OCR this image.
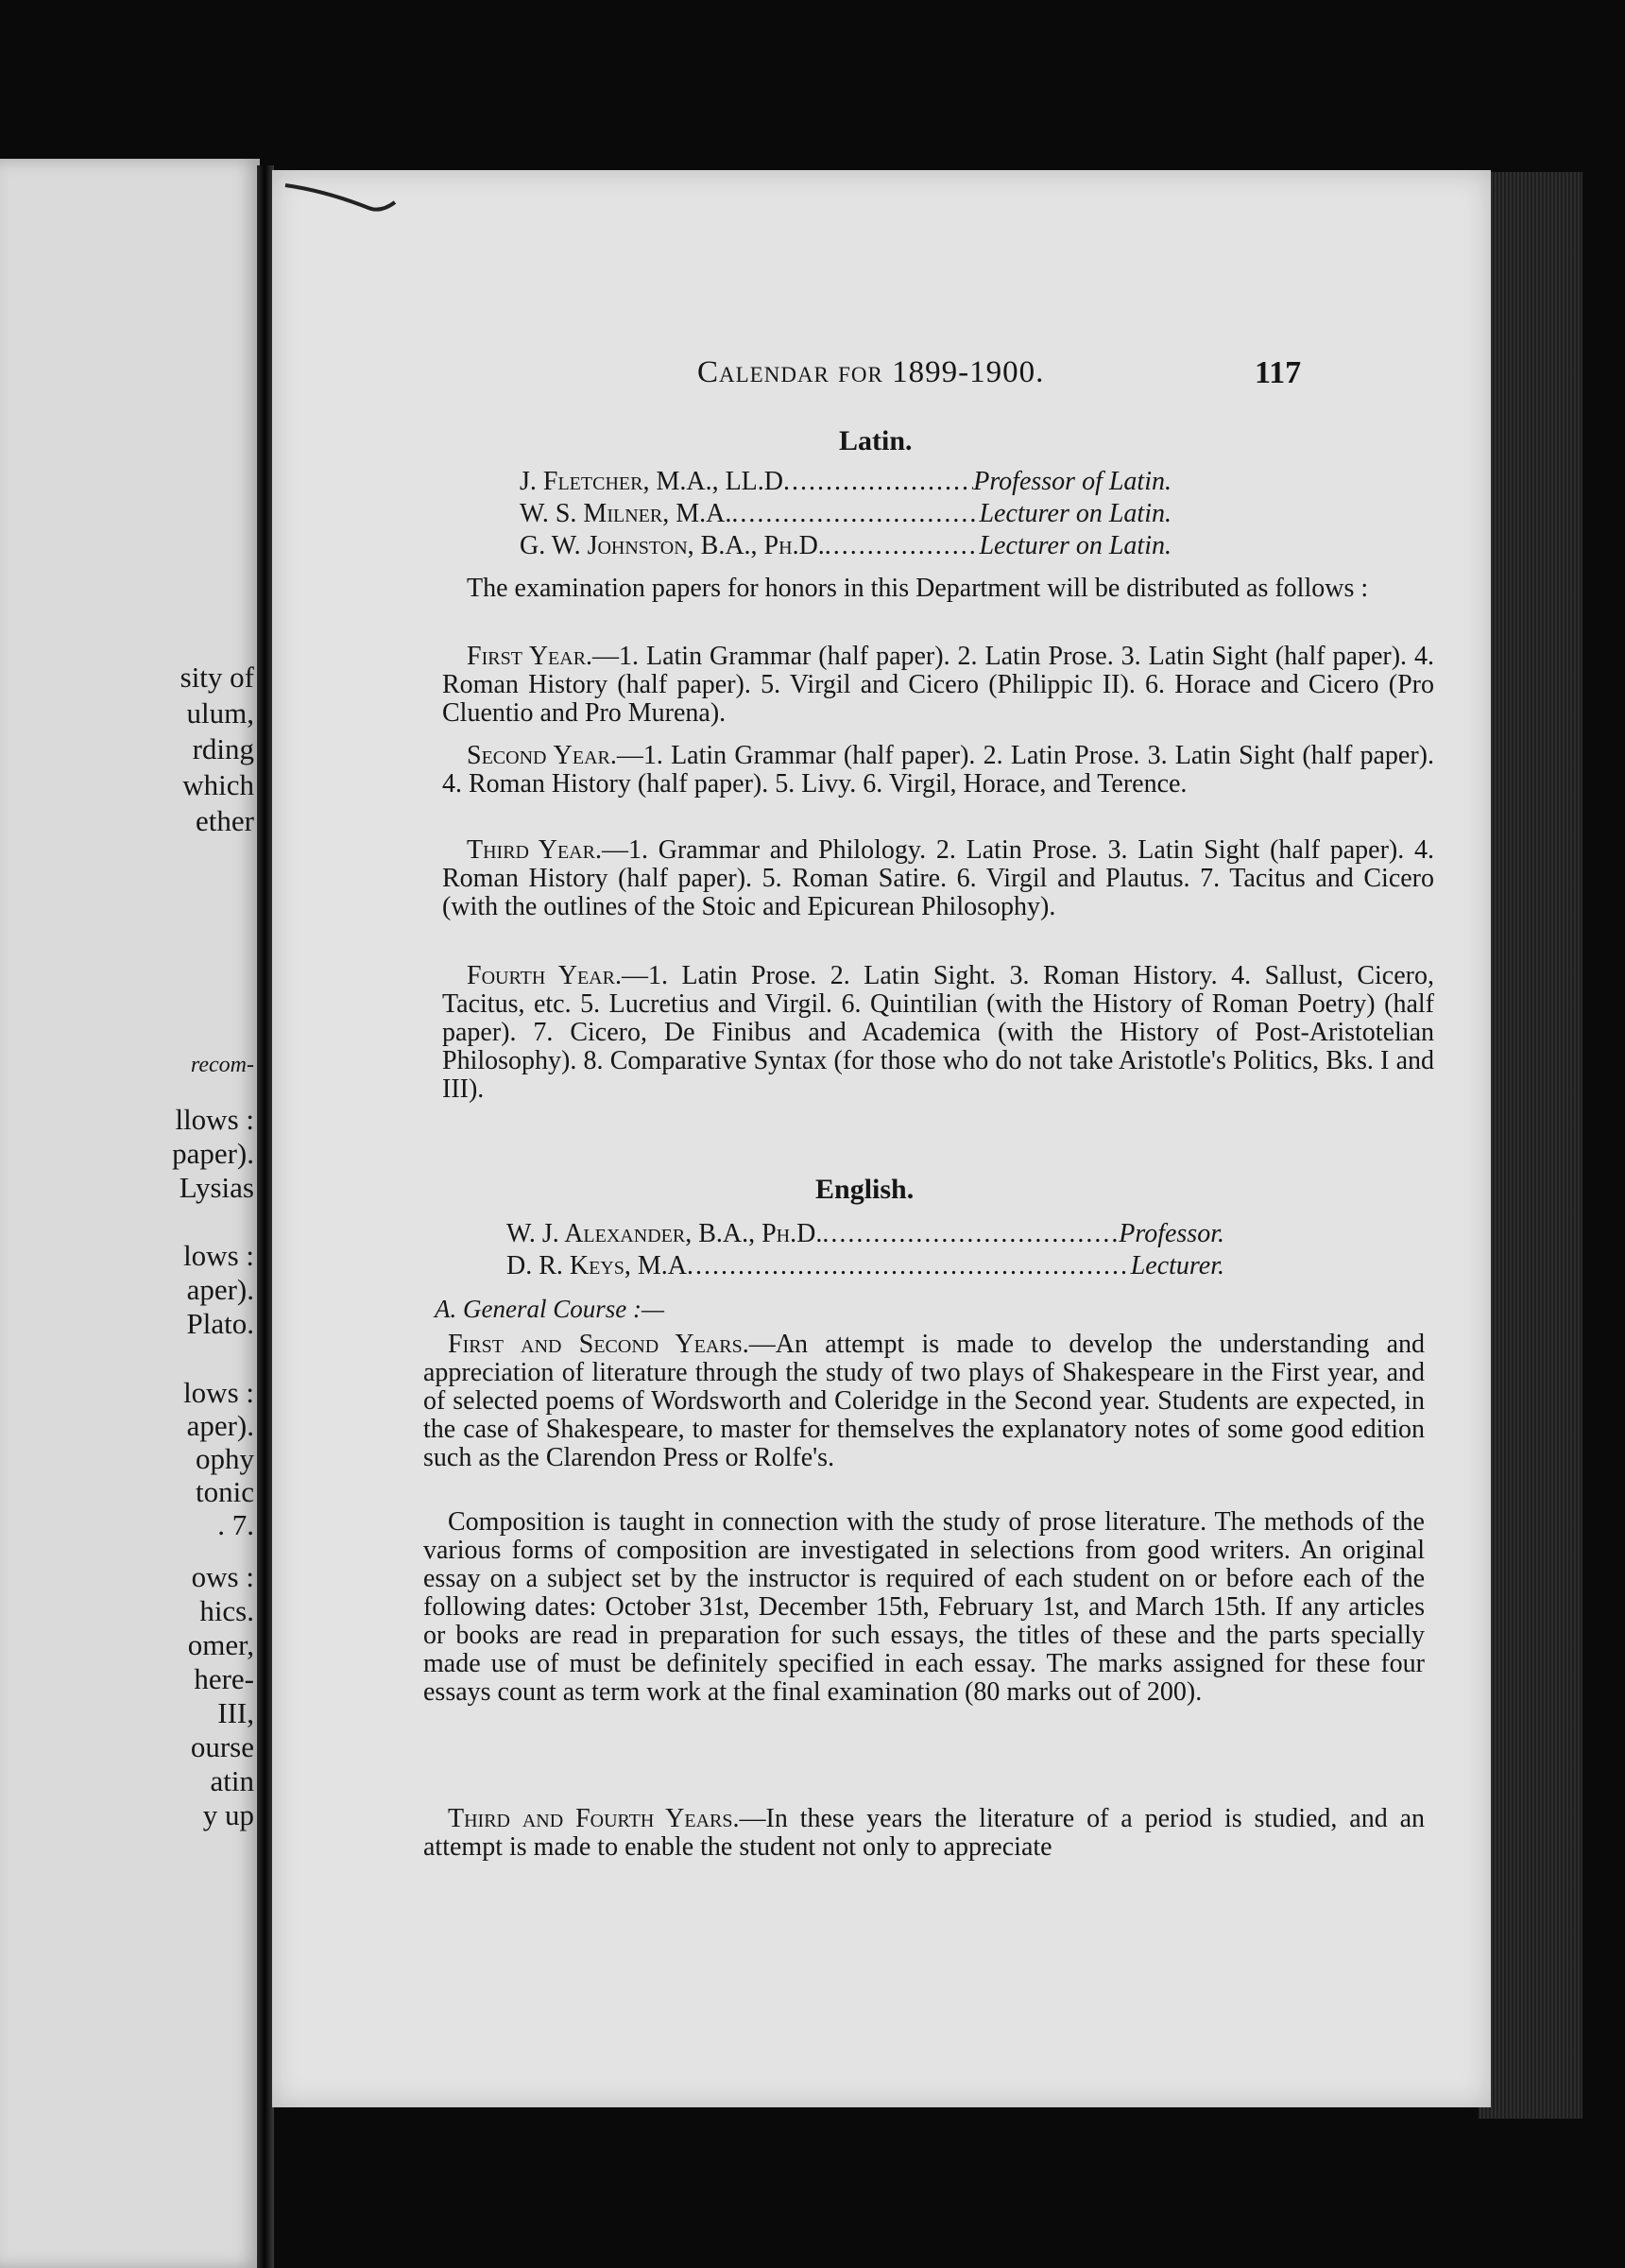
sity of
ulum,
rding
which
ether
recom-
llows :
paper).
Lysias
lows :
aper).
Plato.
lows :
aper).
ophy
tonic
. 7.
ows :
hics.
omer,
here-
III,
ourse
atin
y up
Calendar for 1899-1900.	117
Latin.
J. Fletcher, M.A., LL.D .....	Professor of Latin.
W. S. Milner, M.A. .....	Lecturer on Latin.
G. W. Johnston, B.A., Ph.D. .....	Lecturer on Latin.

The examination papers for honors in this Department will be distributed as follows :

First Year.—1. Latin Grammar (half paper). 2. Latin Prose. 3. Latin Sight (half paper). 4. Roman History (half paper). 5. Virgil and Cicero (Philippic II). 6. Horace and Cicero (Pro Cluentio and Pro Murena).

Second Year.—1. Latin Grammar (half paper). 2. Latin Prose. 3. Latin Sight (half paper). 4. Roman History (half paper). 5. Livy. 6. Virgil, Horace, and Terence.

Third Year.—1. Grammar and Philology. 2. Latin Prose. 3. Latin Sight (half paper). 4. Roman History (half paper). 5. Roman Satire. 6. Virgil and Plautus. 7. Tacitus and Cicero (with the outlines of the Stoic and Epicurean Philosophy).

Fourth Year.—1. Latin Prose. 2. Latin Sight. 3. Roman History. 4. Sallust, Cicero, Tacitus, etc. 5. Lucretius and Virgil. 6. Quintilian (with the History of Roman Poetry) (half paper). 7. Cicero, De Finibus and Academica (with the History of Post-Aristotelian Philosophy). 8. Comparative Syntax (for those who do not take Aristotle's Politics, Bks. I and III).

English.
W. J. Alexander, B.A., Ph.D. .....	Professor.
D. R. Keys, M.A .....	Lecturer.
A. General Course :—

First and Second Years.—An attempt is made to develop the understanding and appreciation of literature through the study of two plays of Shakespeare in the First year, and of selected poems of Wordsworth and Coleridge in the Second year. Students are expected, in the case of Shakespeare, to master for themselves the explanatory notes of some good edition such as the Clarendon Press or Rolfe's.

Composition is taught in connection with the study of prose literature. The methods of the various forms of composition are investigated in selections from good writers. An original essay on a subject set by the instructor is required of each student on or before each of the following dates: October 31st, December 15th, February 1st, and March 15th. If any articles or books are read in preparation for such essays, the titles of these and the parts specially made use of must be definitely specified in each essay. The marks assigned for these four essays count as term work at the final examination (80 marks out of 200).

Third and Fourth Years.—In these years the literature of a period is studied, and an attempt is made to enable the student not only to appreciate
